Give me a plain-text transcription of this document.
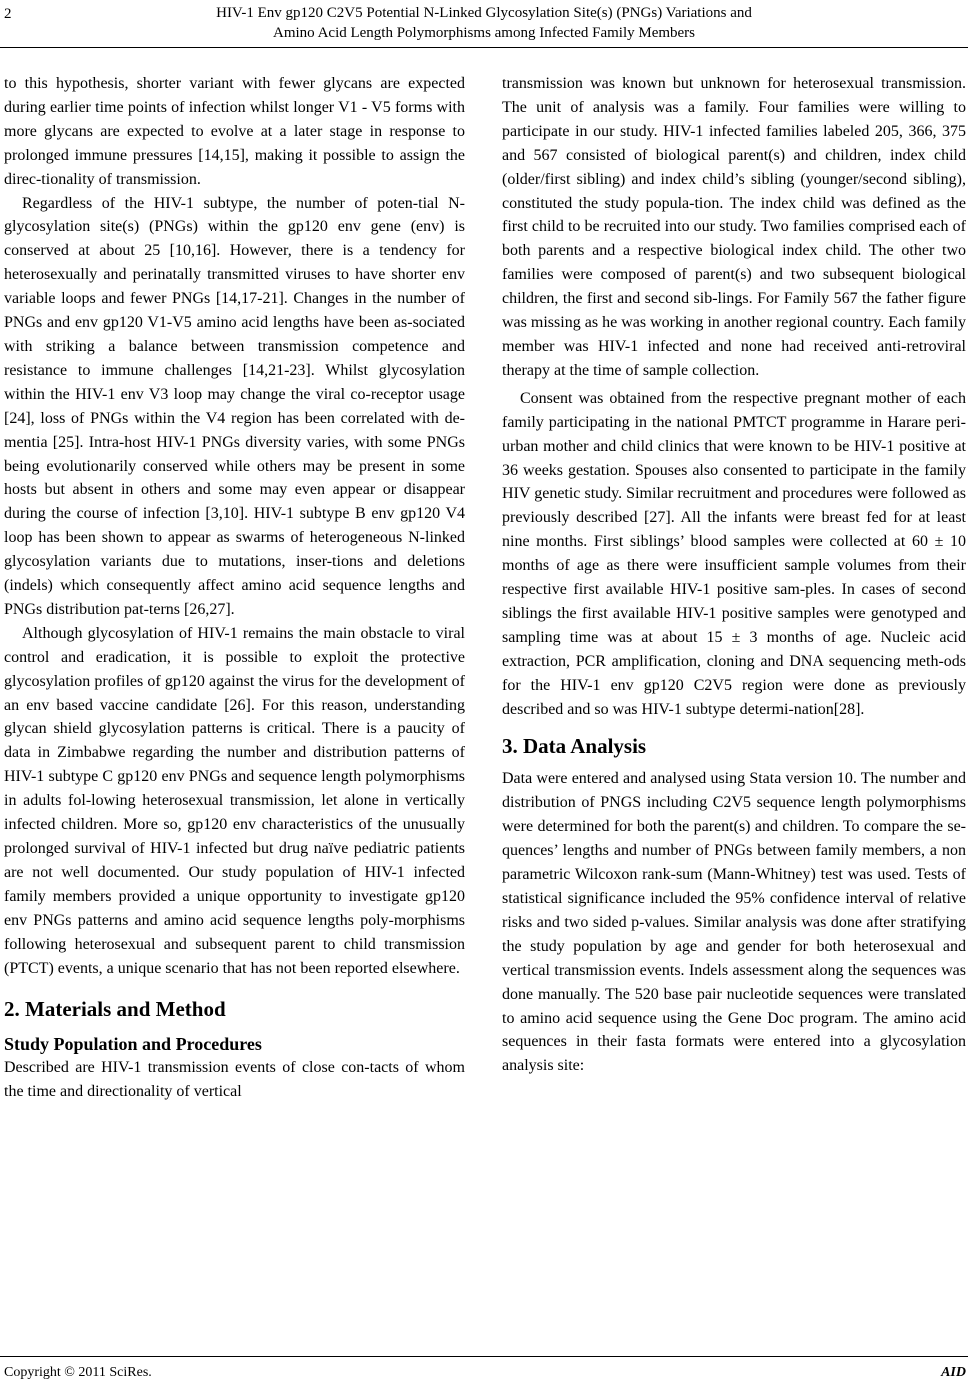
2	HIV-1 Env gp120 C2V5 Potential N-Linked Glycosylation Site(s) (PNGs) Variations and
Amino Acid Length Polymorphisms among Infected Family Members

to this hypothesis, shorter variant with fewer glycans are expected during earlier time points of infection whilst longer V1 - V5 forms with more glycans are expected to evolve at a later stage in response to prolonged immune pressures [14,15], making it possible to assign the direc-tionality of transmission.

Regardless of the HIV-1 subtype, the number of poten-tial N-glycosylation site(s) (PNGs) within the gp120 env gene (env) is conserved at about 25 [10,16]. However, there is a tendency for heterosexually and perinatally transmitted viruses to have shorter env variable loops and fewer PNGs [14,17-21]. Changes in the number of PNGs and env gp120 V1-V5 amino acid lengths have been as-sociated with striking a balance between transmission competence and resistance to immune challenges [14,21-23]. Whilst glycosylation within the HIV-1 env V3 loop may change the viral co-receptor usage [24], loss of PNGs within the V4 region has been correlated with de-mentia [25]. Intra-host HIV-1 PNGs diversity varies, with some PNGs being evolutionarily conserved while others may be present in some hosts but absent in others and some may even appear or disappear during the course of infection [3,10]. HIV-1 subtype B env gp120 V4 loop has been shown to appear as swarms of heterogeneous N-linked glycosylation variants due to mutations, inser-tions and deletions (indels) which consequently affect amino acid sequence lengths and PNGs distribution pat-terns [26,27].

Although glycosylation of HIV-1 remains the main obstacle to viral control and eradication, it is possible to exploit the protective glycosylation profiles of gp120 against the virus for the development of an env based vaccine candidate [26]. For this reason, understanding glycan shield glycosylation patterns is critical. There is a paucity of data in Zimbabwe regarding the number and distribution patterns of HIV-1 subtype C gp120 env PNGs and sequence length polymorphisms in adults fol-lowing heterosexual transmission, let alone in vertically infected children. More so, gp120 env characteristics of the unusually prolonged survival of HIV-1 infected but drug naïve pediatric patients are not well documented. Our study population of HIV-1 infected family members provided a unique opportunity to investigate gp120 env PNGs patterns and amino acid sequence lengths poly-morphisms following heterosexual and subsequent parent to child transmission (PTCT) events, a unique scenario that has not been reported elsewhere.

2. Materials and Method
Study Population and Procedures

Described are HIV-1 transmission events of close con-tacts of whom the time and directionality of vertical

transmission was known but unknown for heterosexual transmission. The unit of analysis was a family. Four families were willing to participate in our study. HIV-1 infected families labeled 205, 366, 375 and 567 consisted of biological parent(s) and children, index child (older/first sibling) and index child’s sibling (younger/second sibling), constituted the study popula-tion. The index child was defined as the first child to be recruited into our study. Two families comprised each of both parents and a respective biological index child. The other two families were composed of parent(s) and two subsequent biological children, the first and second sib-lings. For Family 567 the father figure was missing as he was working in another regional country. Each family member was HIV-1 infected and none had received anti-retroviral therapy at the time of sample collection.

Consent was obtained from the respective pregnant mother of each family participating in the national PMTCT programme in Harare peri-urban mother and child clinics that were known to be HIV-1 positive at 36 weeks gestation. Spouses also consented to participate in the family HIV genetic study. Similar recruitment and procedures were followed as previously described [27]. All the infants were breast fed for at least nine months. First siblings’ blood samples were collected at 60 ± 10 months of age as there were insufficient sample volumes from their respective first available HIV-1 positive sam-ples. In cases of second siblings the first available HIV-1 positive samples were genotyped and sampling time was at about 15 ± 3 months of age. Nucleic acid extraction, PCR amplification, cloning and DNA sequencing meth-ods for the HIV-1 env gp120 C2V5 region were done as previously described and so was HIV-1 subtype determi-nation[28].

3. Data Analysis

Data were entered and analysed using Stata version 10. The number and distribution of PNGS including C2V5 sequence length polymorphisms were determined for both the parent(s) and children. To compare the se-quences’ lengths and number of PNGs between family members, a non parametric Wilcoxon rank-sum (Mann-Whitney) test was used. Tests of statistical significance included the 95% confidence interval of relative risks and two sided p-values. Similar analysis was done after stratifying the study population by age and gender for both heterosexual and vertical transmission events. Indels assessment along the sequences was done manually. The 520 base pair nucleotide sequences were translated to amino acid sequence using the Gene Doc program. The amino acid sequences in their fasta formats were entered into a glycosylation analysis site:

Copyright © 2011 SciRes.	AID
